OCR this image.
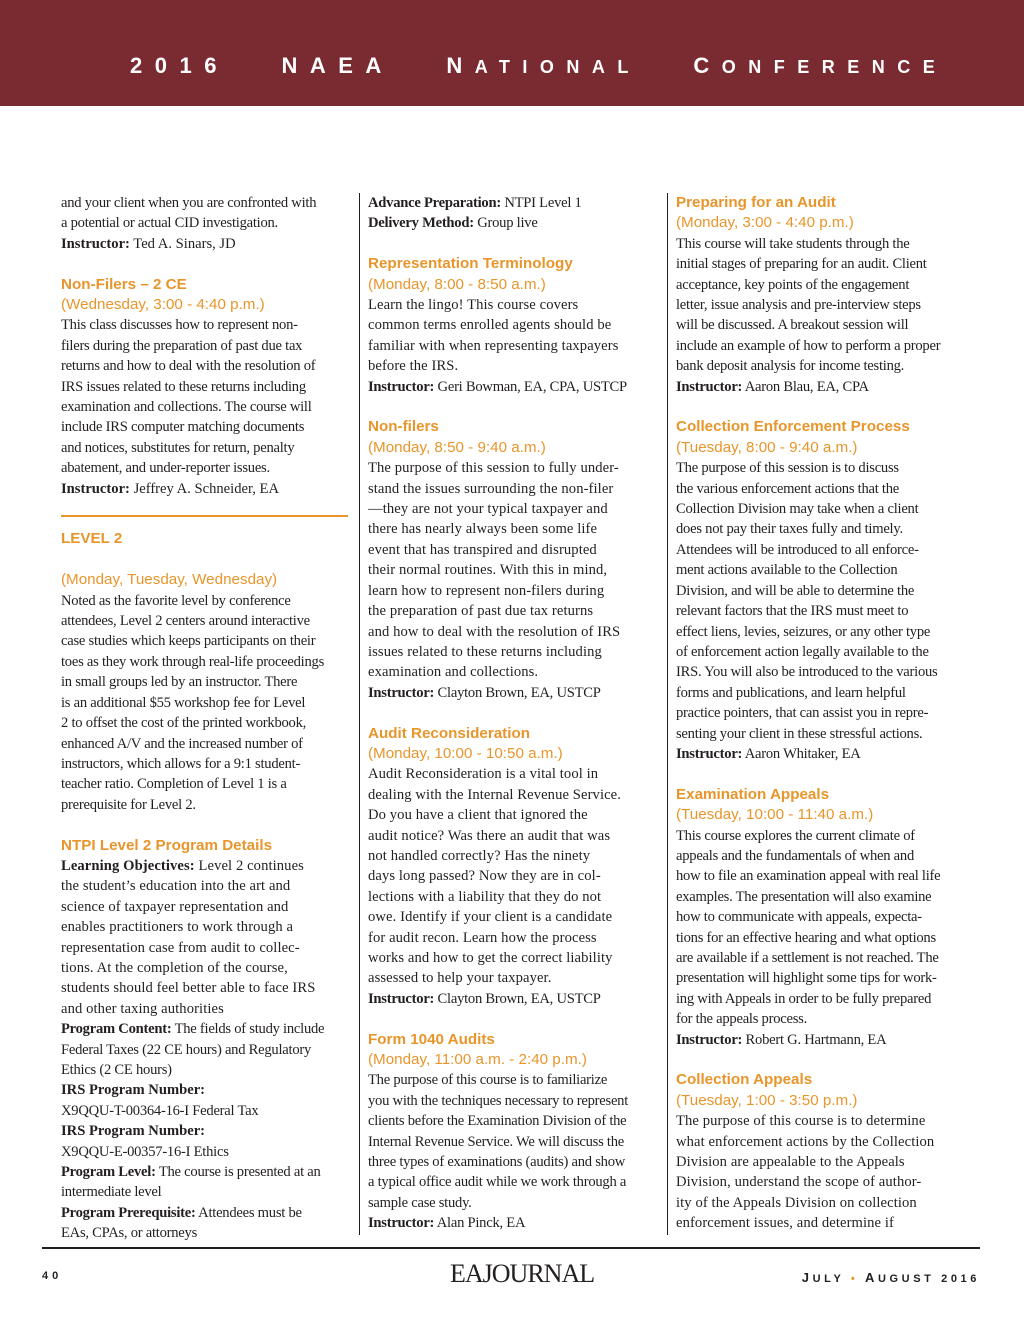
2016 NAEA NATIONAL CONFERENCE
and your client when you are confronted with
a potential or actual CID investigation.
Instructor: Ted A. Sinars, JD
Non-Filers – 2 CE
(Wednesday, 3:00 - 4:40 p.m.)
This class discusses how to represent non-
filers during the preparation of past due tax
returns and how to deal with the resolution of
IRS issues related to these returns including
examination and collections. The course will
include IRS computer matching documents
and notices, substitutes for return, penalty
abatement, and under-reporter issues.
Instructor: Jeffrey A. Schneider, EA
LEVEL 2
(Monday, Tuesday, Wednesday)
Noted as the favorite level by conference
attendees, Level 2 centers around interactive
case studies which keeps participants on their
toes as they work through real-life proceedings
in small groups led by an instructor. There
is an additional $55 workshop fee for Level
2 to offset the cost of the printed workbook,
enhanced A/V and the increased number of
instructors, which allows for a 9:1 student-
teacher ratio. Completion of Level 1 is a
prerequisite for Level 2.
NTPI Level 2 Program Details
Learning Objectives: Level 2 continues
the student’s education into the art and
science of taxpayer representation and
enables practitioners to work through a
representation case from audit to collec-
tions. At the completion of the course,
students should feel better able to face IRS
and other taxing authorities
Program Content: The fields of study include
Federal Taxes (22 CE hours) and Regulatory
Ethics (2 CE hours)
IRS Program Number:
X9QQU-T-00364-16-I Federal Tax
IRS Program Number:
X9QQU-E-00357-16-I Ethics
Program Level: The course is presented at an
intermediate level
Program Prerequisite: Attendees must be
EAs, CPAs, or attorneys
Advance Preparation: NTPI Level 1
Delivery Method: Group live
Representation Terminology
(Monday, 8:00 - 8:50 a.m.)
Learn the lingo! This course covers
common terms enrolled agents should be
familiar with when representing taxpayers
before the IRS.
Instructor: Geri Bowman, EA, CPA, USTCP
Non-filers
(Monday, 8:50 - 9:40 a.m.)
The purpose of this session to fully under-
stand the issues surrounding the non-filer
—they are not your typical taxpayer and
there has nearly always been some life
event that has transpired and disrupted
their normal routines. With this in mind,
learn how to represent non-filers during
the preparation of past due tax returns
and how to deal with the resolution of IRS
issues related to these returns including
examination and collections.
Instructor: Clayton Brown, EA, USTCP
Audit Reconsideration
(Monday, 10:00 - 10:50 a.m.)
Audit Reconsideration is a vital tool in
dealing with the Internal Revenue Service.
Do you have a client that ignored the
audit notice? Was there an audit that was
not handled correctly? Has the ninety
days long passed? Now they are in col-
lections with a liability that they do not
owe. Identify if your client is a candidate
for audit recon. Learn how the process
works and how to get the correct liability
assessed to help your taxpayer.
Instructor: Clayton Brown, EA, USTCP
Form 1040 Audits
(Monday, 11:00 a.m. - 2:40 p.m.)
The purpose of this course is to familiarize
you with the techniques necessary to represent
clients before the Examination Division of the
Internal Revenue Service. We will discuss the
three types of examinations (audits) and show
a typical office audit while we work through a
sample case study.
Instructor: Alan Pinck, EA
Preparing for an Audit
(Monday, 3:00 - 4:40 p.m.)
This course will take students through the
initial stages of preparing for an audit. Client
acceptance, key points of the engagement
letter, issue analysis and pre-interview steps
will be discussed. A breakout session will
include an example of how to perform a proper
bank deposit analysis for income testing.
Instructor: Aaron Blau, EA, CPA
Collection Enforcement Process
(Tuesday, 8:00 - 9:40 a.m.)
The purpose of this session is to discuss
the various enforcement actions that the
Collection Division may take when a client
does not pay their taxes fully and timely.
Attendees will be introduced to all enforce-
ment actions available to the Collection
Division, and will be able to determine the
relevant factors that the IRS must meet to
effect liens, levies, seizures, or any other type
of enforcement action legally available to the
IRS. You will also be introduced to the various
forms and publications, and learn helpful
practice pointers, that can assist you in repre-
senting your client in these stressful actions.
Instructor: Aaron Whitaker, EA
Examination Appeals
(Tuesday, 10:00 - 11:40 a.m.)
This course explores the current climate of
appeals and the fundamentals of when and
how to file an examination appeal with real life
examples. The presentation will also examine
how to communicate with appeals, expecta-
tions for an effective hearing and what options
are available if a settlement is not reached. The
presentation will highlight some tips for work-
ing with Appeals in order to be fully prepared
for the appeals process.
Instructor: Robert G. Hartmann, EA
Collection Appeals
(Tuesday, 1:00 - 3:50 p.m.)
The purpose of this course is to determine
what enforcement actions by the Collection
Division are appealable to the Appeals
Division, understand the scope of author-
ity of the Appeals Division on collection
enforcement issues, and determine if
40	EAJOURNAL	JULY • AUGUST 2016
